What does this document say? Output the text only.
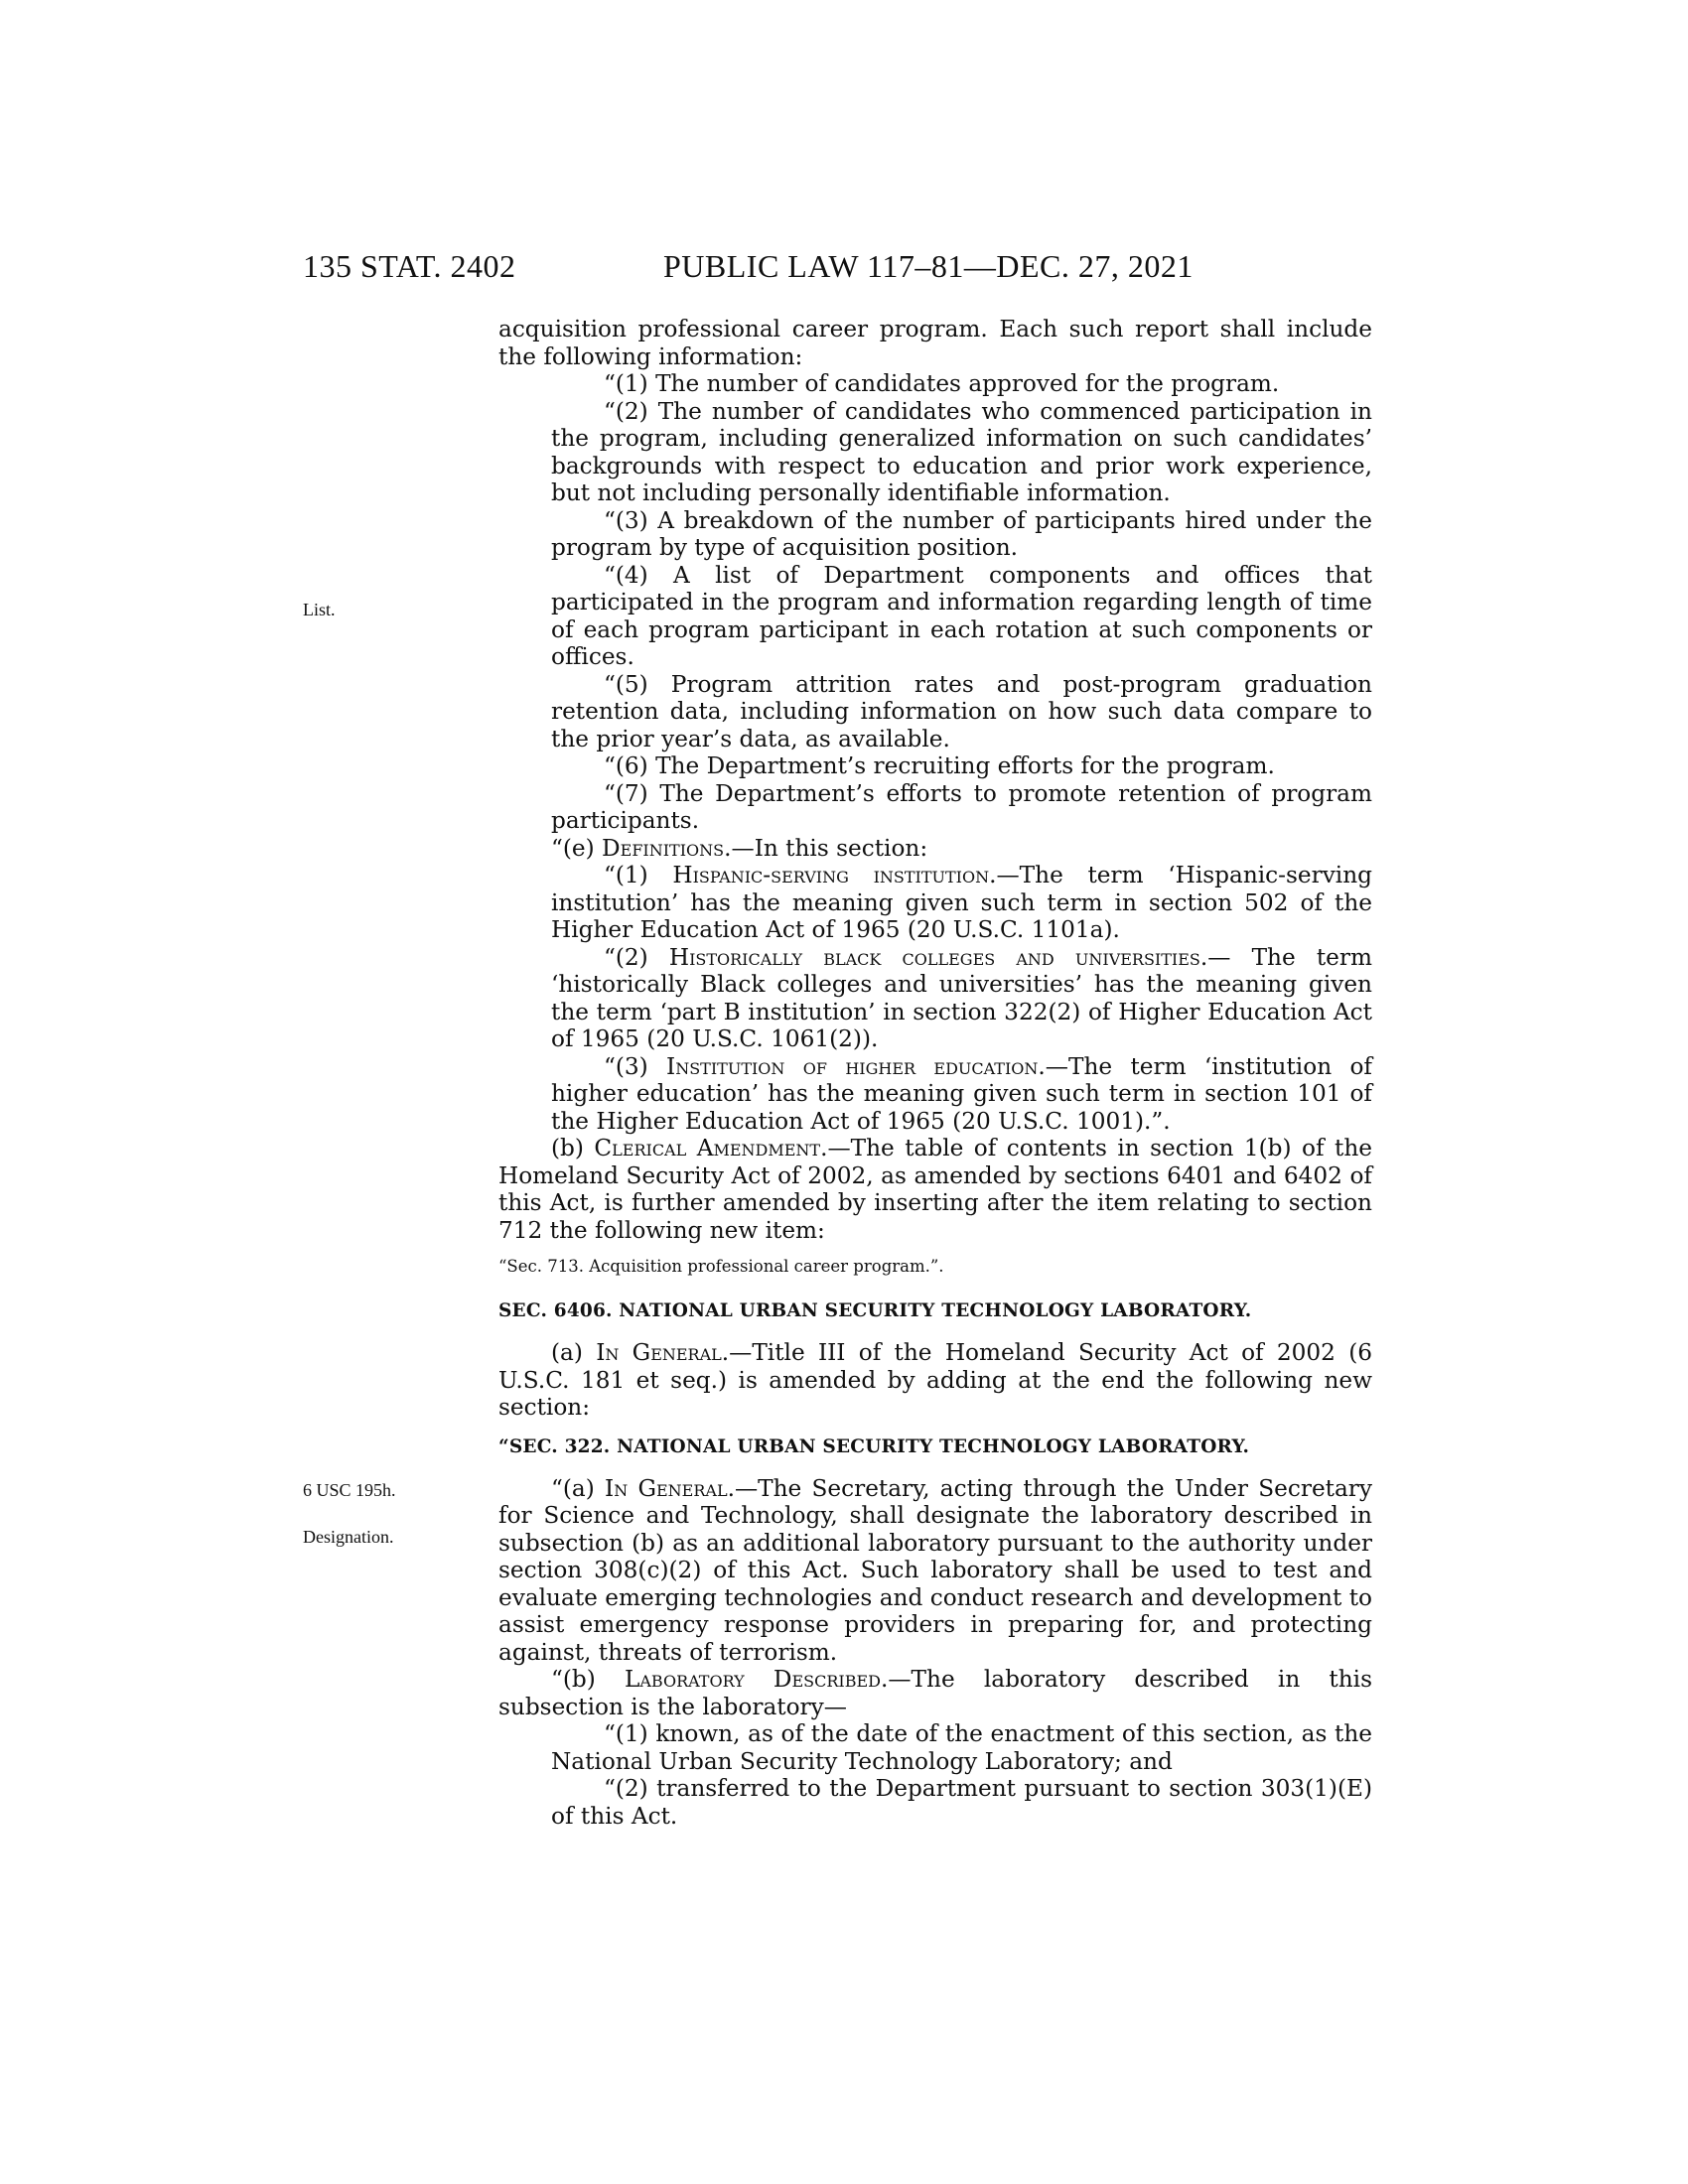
135 STAT. 2402	PUBLIC LAW 117–81—DEC. 27, 2021
List.
6 USC 195h.
Designation.

acquisition professional career program. Each such report shall include the following information:

“(1) The number of candidates approved for the program.

“(2) The number of candidates who commenced participation in the program, including generalized information on such candidates’ backgrounds with respect to education and prior work experience, but not including personally identifiable information.

“(3) A breakdown of the number of participants hired under the program by type of acquisition position.

“(4) A list of Department components and offices that participated in the program and information regarding length of time of each program participant in each rotation at such components or offices.

“(5) Program attrition rates and post-program graduation retention data, including information on how such data compare to the prior year’s data, as available.

“(6) The Department’s recruiting efforts for the program.

“(7) The Department’s efforts to promote retention of program participants.

“(e) Definitions.—In this section:

“(1) Hispanic-serving institution.—The term ‘Hispanic-serving institution’ has the meaning given such term in section 502 of the Higher Education Act of 1965 (20 U.S.C. 1101a).

“(2) Historically black colleges and universities.— The term ‘historically Black colleges and universities’ has the meaning given the term ‘part B institution’ in section 322(2) of Higher Education Act of 1965 (20 U.S.C. 1061(2)).

“(3) Institution of higher education.—The term ‘institution of higher education’ has the meaning given such term in section 101 of the Higher Education Act of 1965 (20 U.S.C. 1001).”.

(b) Clerical Amendment.—The table of contents in section 1(b) of the Homeland Security Act of 2002, as amended by sections 6401 and 6402 of this Act, is further amended by inserting after the item relating to section 712 the following new item:

“Sec. 713. Acquisition professional career program.”.

SEC. 6406. NATIONAL URBAN SECURITY TECHNOLOGY LABORATORY.

(a) In General.—Title III of the Homeland Security Act of 2002 (6 U.S.C. 181 et seq.) is amended by adding at the end the following new section:

“SEC. 322. NATIONAL URBAN SECURITY TECHNOLOGY LABORATORY.

“(a) In General.—The Secretary, acting through the Under Secretary for Science and Technology, shall designate the laboratory described in subsection (b) as an additional laboratory pursuant to the authority under section 308(c)(2) of this Act. Such laboratory shall be used to test and evaluate emerging technologies and conduct research and development to assist emergency response providers in preparing for, and protecting against, threats of terrorism.

“(b) Laboratory Described.—The laboratory described in this subsection is the laboratory—

“(1) known, as of the date of the enactment of this section, as the National Urban Security Technology Laboratory; and

“(2) transferred to the Department pursuant to section 303(1)(E) of this Act.
